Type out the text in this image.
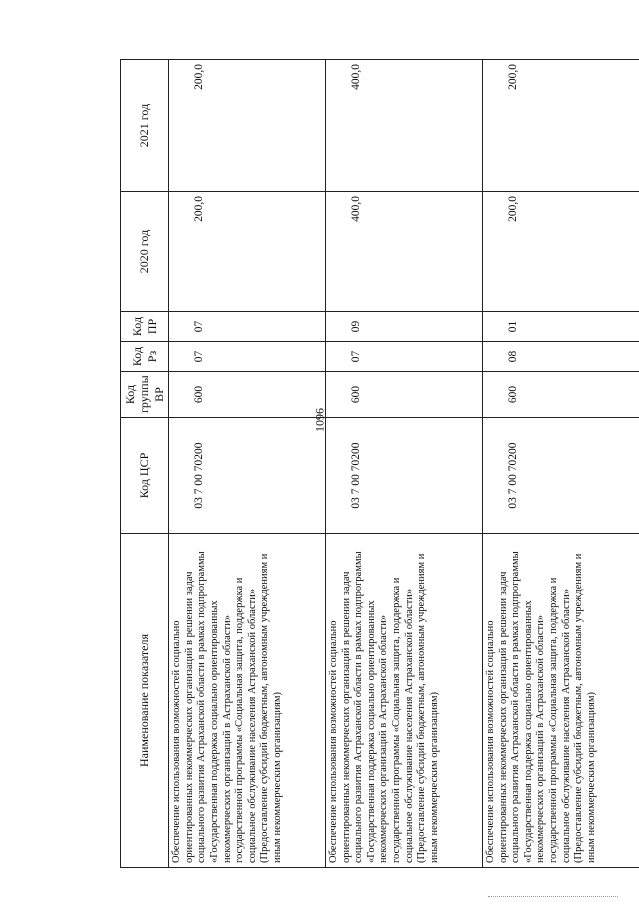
1096
Наименование показателя	Код ЦСР	Код группы ВР	Код Рз	Код ПР	2020 год	2021 год
Обеспечение использования возможностей социально ориентированных некоммерческих организаций в решении задач социального развития Астраханской области в рамках подпрограммы «Государственная поддержка социально ориентированных некоммерческих организаций в Астраханской области» государственной программы «Социальная защита, поддержка и социальное обслуживание населения Астраханской области» (Предоставление субсидий бюджетным, автономным учреждениям и иным некоммерческим организациям)	03 7 00 70200	600	07	07	200,0	200,0
Обеспечение использования возможностей социально ориентированных некоммерческих организаций в решении задач социального развития Астраханской области в рамках подпрограммы «Государственная поддержка социально ориентированных некоммерческих организаций в Астраханской области» государственной программы «Социальная защита, поддержка и социальное обслуживание населения Астраханской области» (Предоставление субсидий бюджетным, автономным учреждениям и иным некоммерческим организациям)	03 7 00 70200	600	07	09	400,0	400,0
Обеспечение использования возможностей социально ориентированных некоммерческих организаций в решении задач социального развития Астраханской области в рамках подпрограммы «Государственная поддержка социально ориентированных некоммерческих организаций в Астраханской области» государственной программы «Социальная защита, поддержка и социальное обслуживание населения Астраханской области» (Предоставление субсидий бюджетным, автономным учреждениям и иным некоммерческим организациям)	03 7 00 70200	600	08	01	200,0	200,0
